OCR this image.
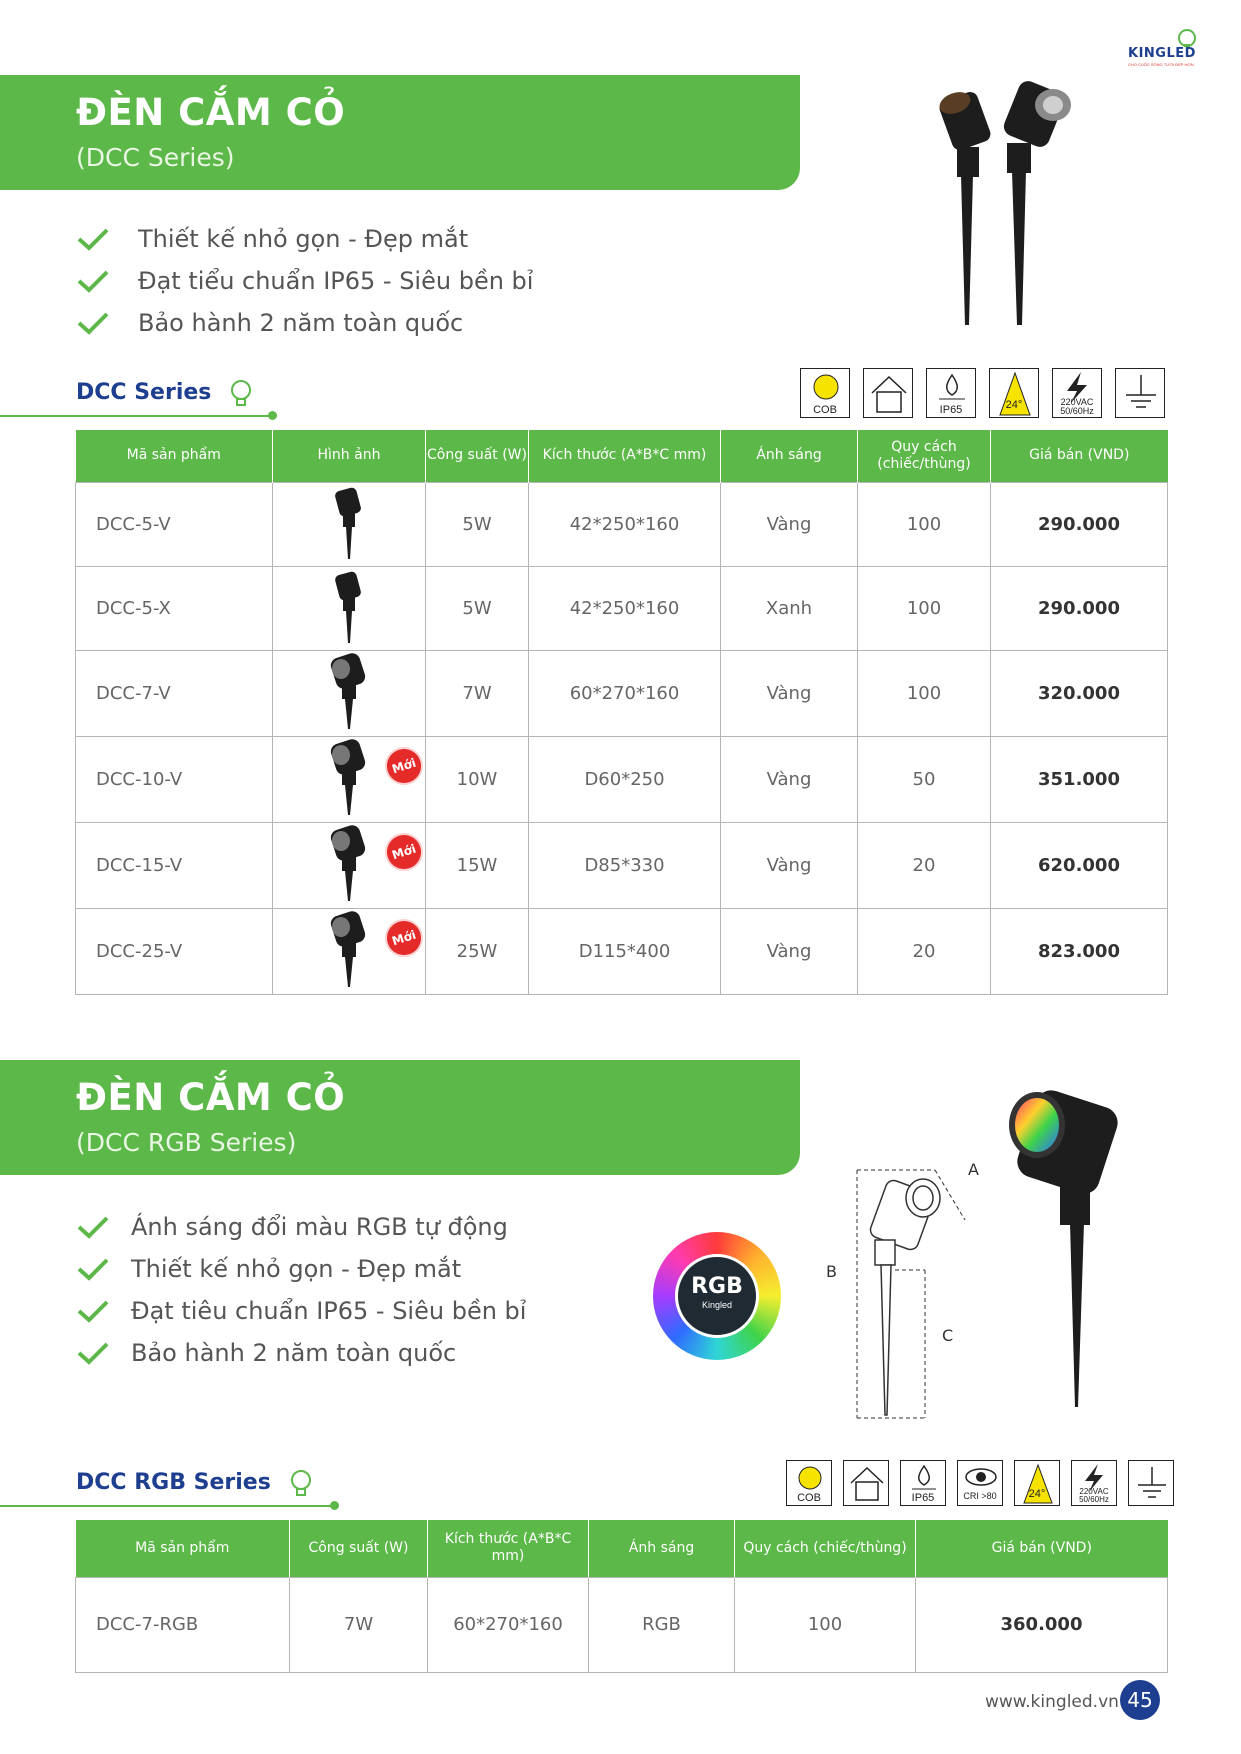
KINGLED
CHO CUỘC SỐNG TƯƠI ĐẸP HƠN
ĐÈN CẮM CỎ
(DCC Series)
Thiết kế nhỏ gọn - Đẹp mắt
Đạt tiểu chuẩn IP65 - Siêu bền bỉ
Bảo hành 2 năm toàn quốc
DCC Series
COB	IP65	24°	220VAC 50/60Hz
Mã sản phẩm	Hình ảnh	Công suất (W)	Kích thước (A*B*C mm)	Ánh sáng	Quy cách (chiếc/thùng)	Giá bán (VND)
DCC-5-V		5W	42*250*160	Vàng	100	290.000
DCC-5-X		5W	42*250*160	Xanh	100	290.000
DCC-7-V		7W	60*270*160	Vàng	100	320.000
DCC-10-V	Mới	10W	D60*250	Vàng	50	351.000
DCC-15-V	Mới	15W	D85*330	Vàng	20	620.000
DCC-25-V	Mới	25W	D115*400	Vàng	20	823.000
ĐÈN CẮM CỎ
(DCC RGB Series)
Ánh sáng đổi màu RGB tự động
Thiết kế nhỏ gọn - Đẹp mắt
Đạt tiêu chuẩn IP65 - Siêu bền bỉ
Bảo hành 2 năm toàn quốc
RGB
Kingled
A
B
C
DCC RGB Series
COB	IP65	CRI >80	24°	220VAC 50/60Hz
Mã sản phẩm	Công suất (W)	Kích thước (A*B*C mm)	Ánh sáng	Quy cách (chiếc/thùng)	Giá bán (VND)
DCC-7-RGB	7W	60*270*160	RGB	100	360.000
www.kingled.vn 45
